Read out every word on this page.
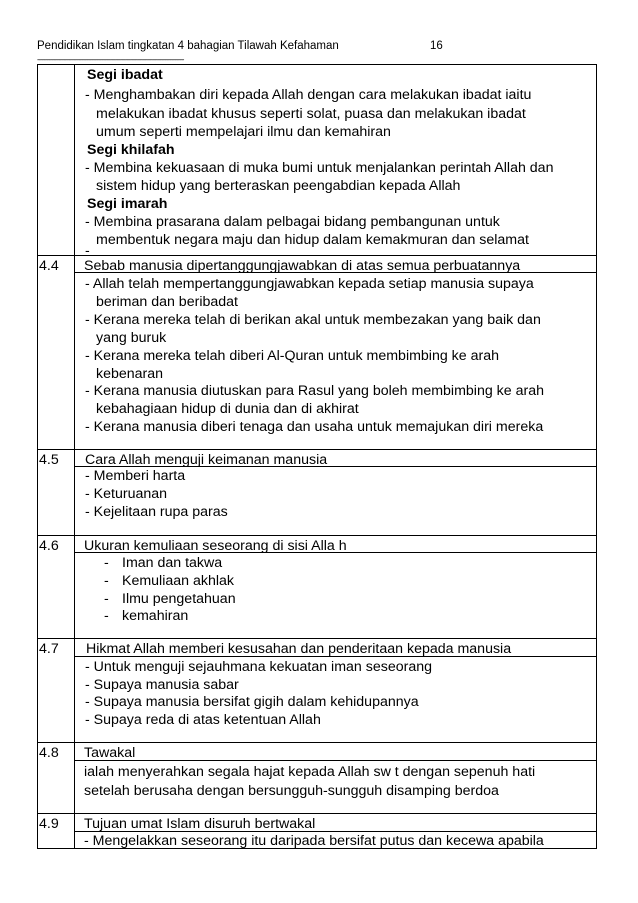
Pendidikan Islam tingkatan 4 bahagian Tilawah Kefahaman	16
----------------------------------------------------------------------------------------
Segi ibadat
- Menghambakan diri kepada Allah dengan cara melakukan ibadat iaitu
melakukan ibadat khusus seperti solat, puasa dan melakukan ibadat
umum seperti mempelajari ilmu dan kemahiran
Segi khilafah
- Membina kekuasaan di muka bumi untuk menjalankan perintah Allah dan
sistem hidup yang berteraskan peengabdian kepada Allah
Segi imarah
- Membina prasarana dalam pelbagai bidang pembangunan untuk
membentuk negara maju dan hidup dalam kemakmuran dan selamat
-
4.4 Sebab manusia dipertanggungjawabkan di atas semua perbuatannya
- Allah telah mempertanggungjawabkan kepada setiap manusia supaya
beriman dan beribadat
- Kerana mereka telah di berikan akal untuk membezakan yang baik dan
yang buruk
- Kerana mereka telah diberi Al-Quran untuk membimbing ke arah
kebenaran
- Kerana manusia diutuskan para Rasul yang boleh membimbing ke arah
kebahagiaan hidup di dunia dan di akhirat
- Kerana manusia diberi tenaga dan usaha untuk memajukan diri mereka
4.5 Cara Allah menguji keimanan manusia
- Memberi harta
- Keturuanan
- Kejelitaan rupa paras
4.6 Ukuran kemuliaan seseorang di sisi Alla h
- Iman dan takwa
- Kemuliaan akhlak
- Ilmu pengetahuan
- kemahiran
4.7 Hikmat Allah memberi kesusahan dan penderitaan kepada manusia
- Untuk menguji sejauhmana kekuatan iman seseorang
- Supaya manusia sabar
- Supaya manusia bersifat gigih dalam kehidupannya
- Supaya reda di atas ketentuan Allah
4.8 Tawakal
ialah menyerahkan segala hajat kepada Allah sw t dengan sepenuh hati
setelah berusaha dengan bersungguh-sungguh disamping berdoa
4.9 Tujuan umat Islam disuruh bertwakal
- Mengelakkan seseorang itu daripada bersifat putus dan kecewa apabila
